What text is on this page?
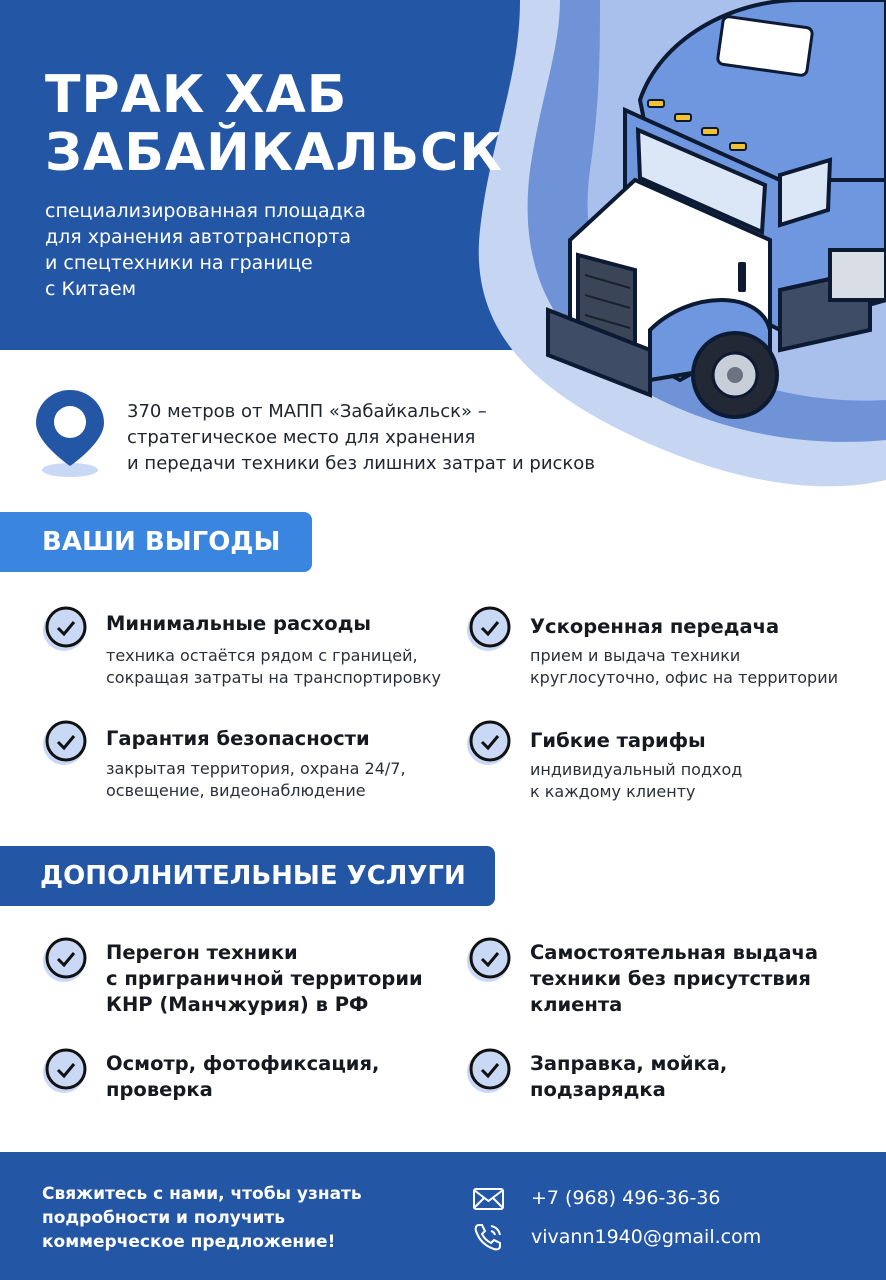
ТРАК ХАБ
ЗАБАЙКАЛЬСК
специализированная площадка
для хранения автотранспорта
и спецтехники на границе
с Китаем
370 метров от МАПП «Забайкальск» –
стратегическое место для хранения
и передачи техники без лишних затрат и рисков
ВАШИ ВЫГОДЫ
Минимальные расходы
техника остаётся рядом с границей,
сокращая затраты на транспортировку
Ускоренная передача
прием и выдача техники
круглосуточно, офис на территории
Гарантия безопасности
закрытая территория, охрана 24/7,
освещение, видеонаблюдение
Гибкие тарифы
индивидуальный подход
к каждому клиенту
ДОПОЛНИТЕЛЬНЫЕ УСЛУГИ
Перегон техники
с приграничной территории
КНР (Манчжурия) в РФ
Самостоятельная выдача
техники без присутствия
клиента
Осмотр, фотофиксация,
проверка
Заправка, мойка,
подзарядка
Свяжитесь с нами, чтобы узнать
подробности и получить
коммерческое предложение!
+7 (968) 496-36-36
vivann1940@gmail.com
